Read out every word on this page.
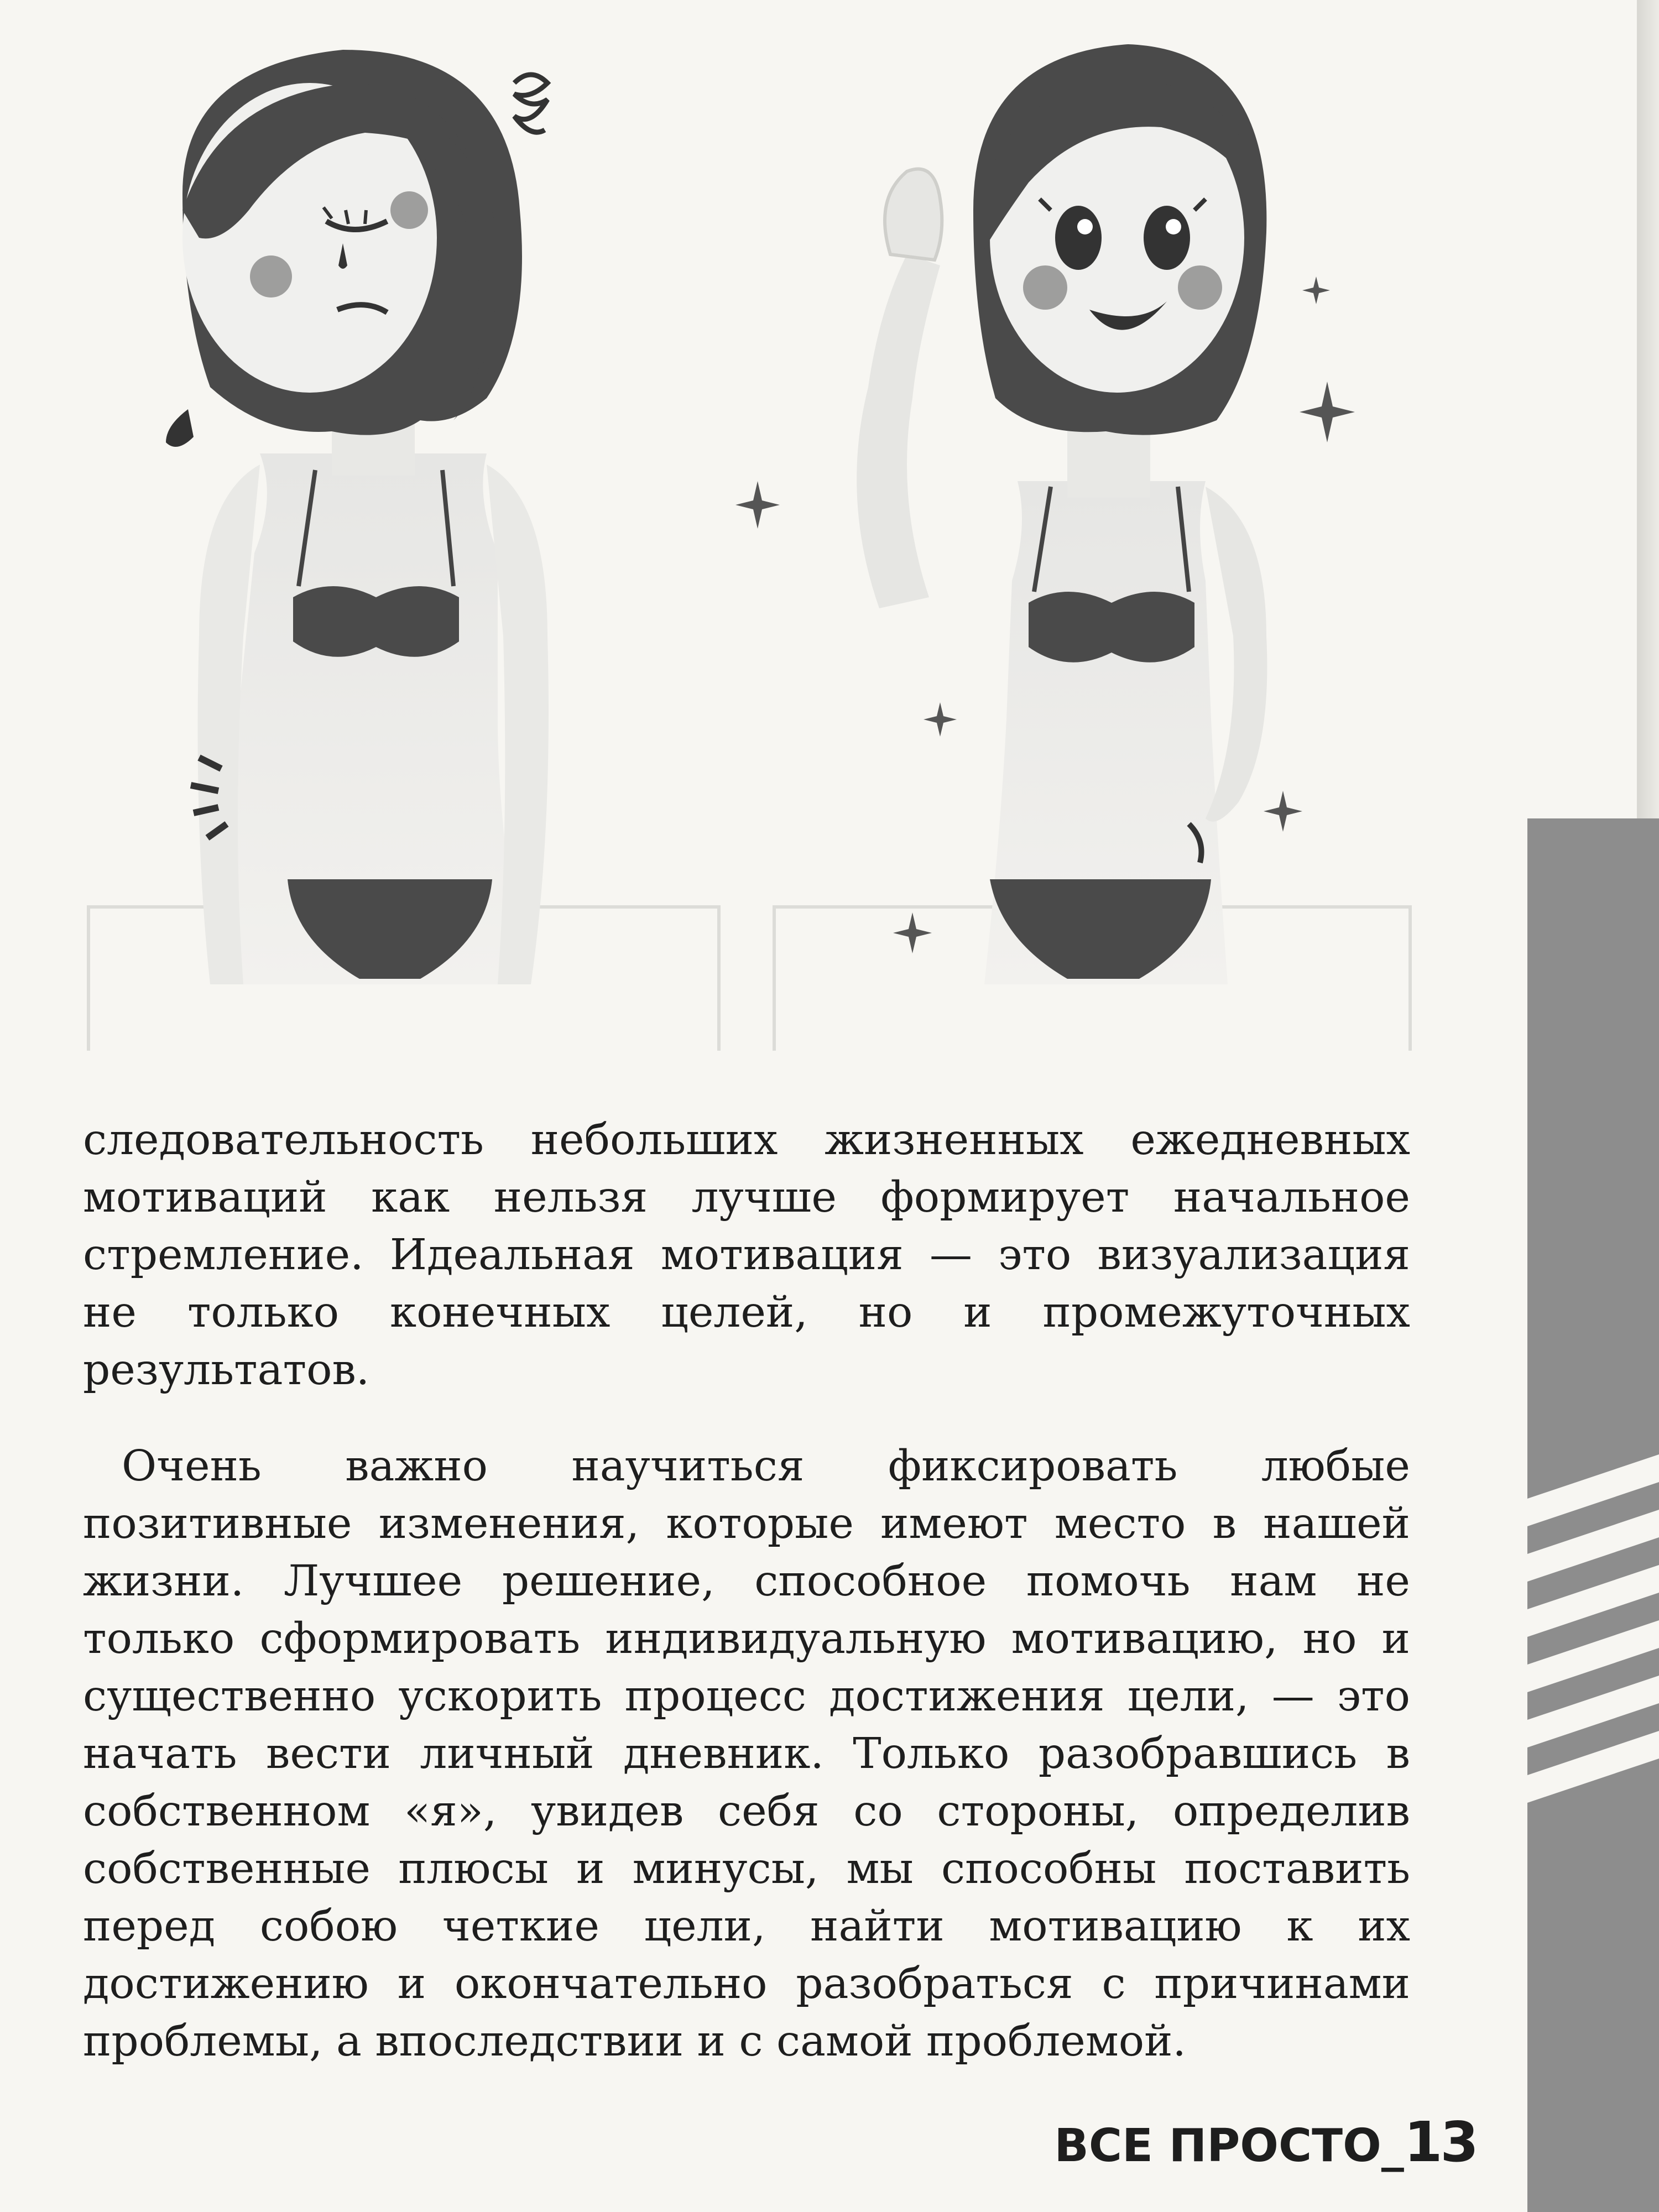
следовательность небольших жизненных ежедневных мотиваций как нельзя лучше формирует начальное стремление. Идеальная мотивация — это визуализация не только конечных целей, но и промежуточных результатов.

Очень важно научиться фиксировать любые позитивные изменения, которые имеют место в нашей жизни. Лучшее решение, способное помочь нам не только сформировать индивидуальную мотивацию, но и существенно ускорить процесс достижения цели, — это начать вести личный дневник. Только разобравшись в собственном «я», увидев себя со стороны, определив собственные плюсы и минусы, мы способны поставить перед собою четкие цели, найти мотивацию к их достижению и окончательно разобраться с причинами проблемы, а впоследствии и с самой проблемой.

ВСЕ ПРОСТО_13
